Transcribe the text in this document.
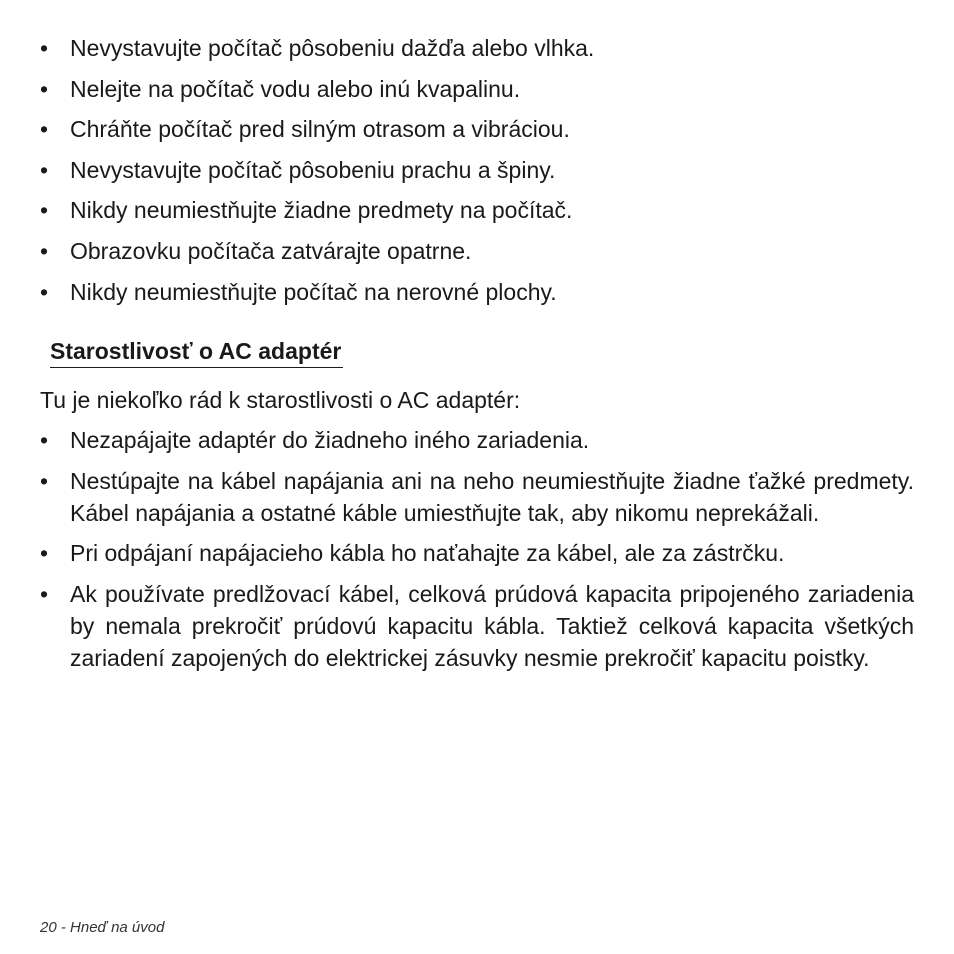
• Nevystavujte počítač pôsobeniu dažďa alebo vlhka.
• Nelejte na počítač vodu alebo inú kvapalinu.
• Chráňte počítač pred silným otrasom a vibráciou.
• Nevystavujte počítač pôsobeniu prachu a špiny.
• Nikdy neumiestňujte žiadne predmety na počítač.
• Obrazovku počítača zatvárajte opatrne.
• Nikdy neumiestňujte počítač na nerovné plochy.
Starostlivosť o AC adaptér

Tu je niekoľko rád k starostlivosti o AC adaptér:

• Nezapájajte adaptér do žiadneho iného zariadenia.
• Nestúpajte na kábel napájania ani na neho neumiestňujte žiadne ťažké predmety. Kábel napájania a ostatné káble umiestňujte tak, aby nikomu neprekážali.
• Pri odpájaní napájacieho kábla ho naťahajte za kábel, ale za zástrčku.
• Ak používate predlžovací kábel, celková prúdová kapacita pripojeného zariadenia by nemala prekročiť prúdovú kapacitu kábla. Taktiež celková kapacita všetkých zariadení zapojených do elektrickej zásuvky nesmie prekročiť kapacitu poistky.

20 - Hneď na úvod
